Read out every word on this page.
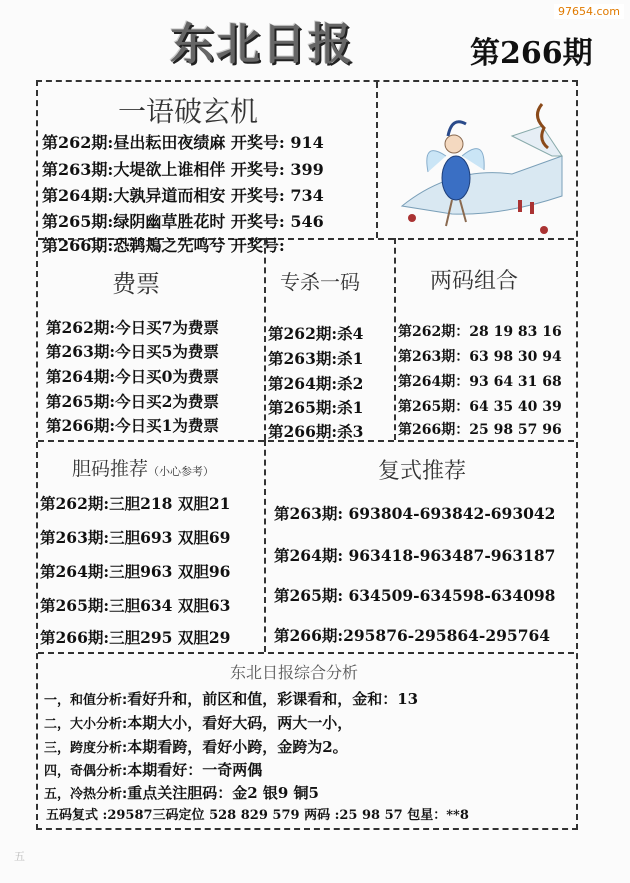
97654.com
东北日报	第266期
一语破玄机
第262期:昼出耘田夜绩麻 开奖号: 914
第263期:大堤欲上谁相伴 开奖号: 399
第264期:大孰异道而相安 开奖号: 734
第265期:绿阴幽草胜花时 开奖号: 546
第266期:恐鹈鴂之先鸣兮 开奖号:
费票
第262期:今日买7为费票
第263期:今日买5为费票
第264期:今日买0为费票
第265期:今日买2为费票
第266期:今日买1为费票
专杀一码
第262期:杀4
第263期:杀1
第264期:杀2
第265期:杀1
第266期:杀3
两码组合
第262期：28 19 83 16
第263期：63 98 30 94
第264期：93 64 31 68
第265期：64 35 40 39
第266期：25 98 57 96
胆码推荐（小心参考）
第262期:三胆218 双胆21
第263期:三胆693 双胆69
第264期:三胆963 双胆96
第265期:三胆634 双胆63
第266期:三胆295 双胆29
复式推荐
第263期: 693804-693842-693042
第264期: 963418-963487-963187
第265期: 634509-634598-634098
第266期:295876-295864-295764
东北日报综合分析
一，和值分析:看好升和，前区和值，彩课看和，金和：13
二，大小分析:本期大小，看好大码，两大一小，
三，跨度分析:本期看跨，看好小跨，金跨为2。
四，奇偶分析:本期看好：一奇两偶
五，冷热分析:重点关注胆码：金2 银9 铜5
五码复式 :29587三码定位 528 829 579 两码 :25 98 57 包星：**8
五
